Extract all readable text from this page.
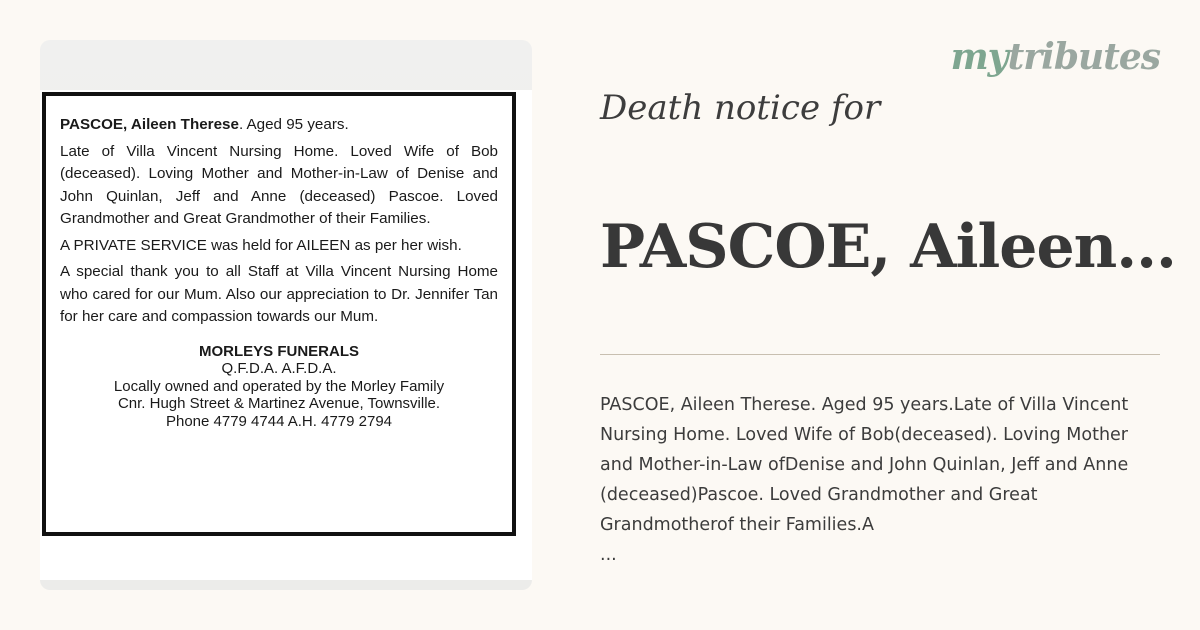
PASCOE, Aileen Therese. Aged 95 years.

Late of Villa Vincent Nursing Home. Loved Wife of Bob (deceased). Loving Mother and Mother-in-Law of Denise and John Quinlan, Jeff and Anne (deceased) Pascoe. Loved Grandmother and Great Grandmother of their Families.

A PRIVATE SERVICE was held for AILEEN as per her wish.

A special thank you to all Staff at Villa Vincent Nursing Home who cared for our Mum. Also our appreciation to Dr. Jennifer Tan for her care and compassion towards our Mum.

MORLEYS FUNERALS
Q.F.D.A. A.F.D.A.
Locally owned and operated by the Morley Family
Cnr. Hugh Street & Martinez Avenue, Townsville.
Phone 4779 4744 A.H. 4779 2794
mytributes
Death notice for
PASCOE, Aileen...
PASCOE, Aileen Therese. Aged 95 years.Late of Villa Vincent Nursing Home. Loved Wife of Bob(deceased). Loving Mother and Mother-in-Law ofDenise and John Quinlan, Jeff and Anne (deceased)Pascoe. Loved Grandmother and Great Grandmotherof their Families.A
...
